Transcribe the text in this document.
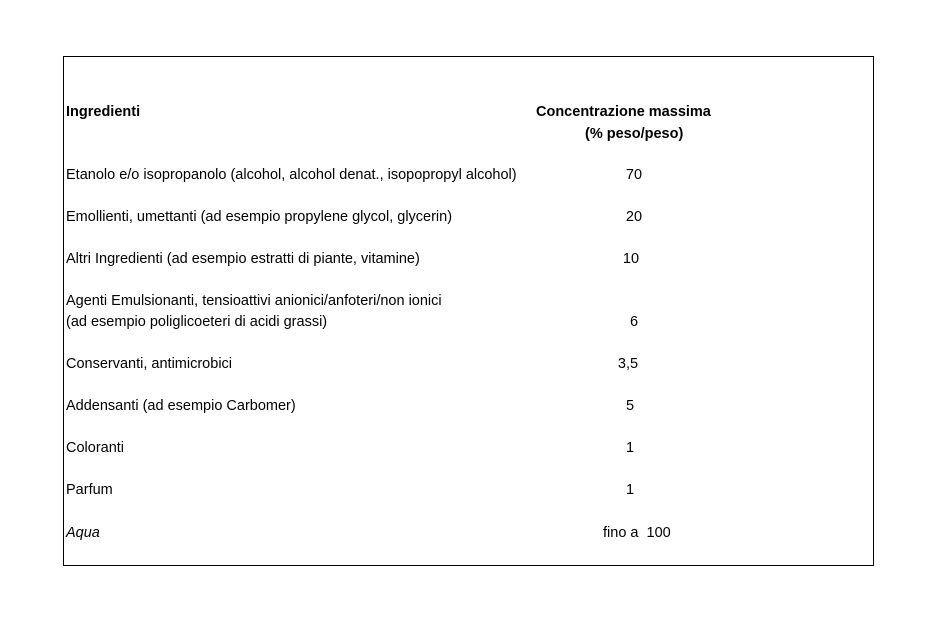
Ingredienti	Concentrazione massima
(% peso/peso)
Etanolo e/o isopropanolo (alcohol, alcohol denat., isopopropyl alcohol)	70
Emollienti, umettanti (ad esempio propylene glycol, glycerin)	20
Altri Ingredienti (ad esempio estratti di piante, vitamine)	10
Agenti Emulsionanti, tensioattivi anionici/anfoteri/non ionici
(ad esempio poliglicoeteri di acidi grassi)	6
Conservanti, antimicrobici	3,5
Addensanti (ad esempio Carbomer)	5
Coloranti	1
Parfum	1
Aqua	fino a  100
